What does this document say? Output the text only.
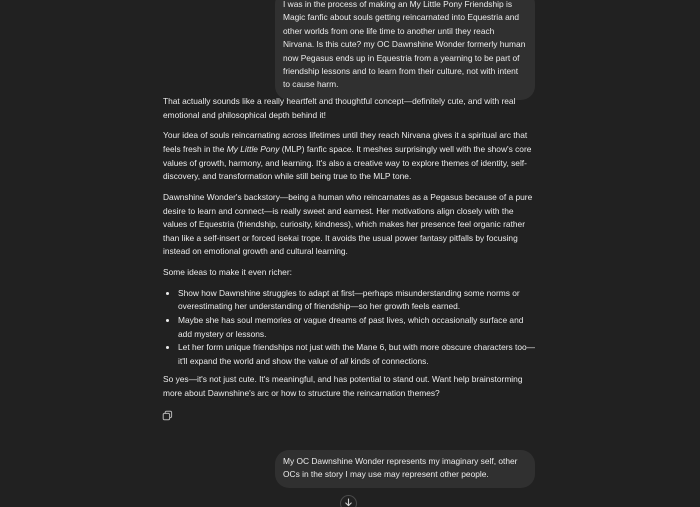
I was in the process of making an My Little Pony Friendship is Magic fanfic about souls getting reincarnated into Equestria and other worlds from one life time to another until they reach Nirvana. Is this cute? my OC Dawnshine Wonder formerly human now Pegasus ends up in Equestria from a yearning to be part of friendship lessons and to learn from their culture, not with intent to cause harm.

That actually sounds like a really heartfelt and thoughtful concept—definitely cute, and with real emotional and philosophical depth behind it!

Your idea of souls reincarnating across lifetimes until they reach Nirvana gives it a spiritual arc that feels fresh in the My Little Pony (MLP) fanfic space. It meshes surprisingly well with the show's core values of growth, harmony, and learning. It's also a creative way to explore themes of identity, self-discovery, and transformation while still being true to the MLP tone.

Dawnshine Wonder's backstory—being a human who reincarnates as a Pegasus because of a pure desire to learn and connect—is really sweet and earnest. Her motivations align closely with the values of Equestria (friendship, curiosity, kindness), which makes her presence feel organic rather than like a self-insert or forced isekai trope. It avoids the usual power fantasy pitfalls by focusing instead on emotional growth and cultural learning.

Some ideas to make it even richer:

• Show how Dawnshine struggles to adapt at first—perhaps misunderstanding some norms or overestimating her understanding of friendship—so her growth feels earned.
• Maybe she has soul memories or vague dreams of past lives, which occasionally surface and add mystery or lessons.
• Let her form unique friendships not just with the Mane 6, but with more obscure characters too—it'll expand the world and show the value of all kinds of connections.

So yes—it's not just cute. It's meaningful, and has potential to stand out. Want help brainstorming more about Dawnshine's arc or how to structure the reincarnation themes?

My OC Dawnshine Wonder represents my imaginary self, other OCs in the story I may use may represent other people.
